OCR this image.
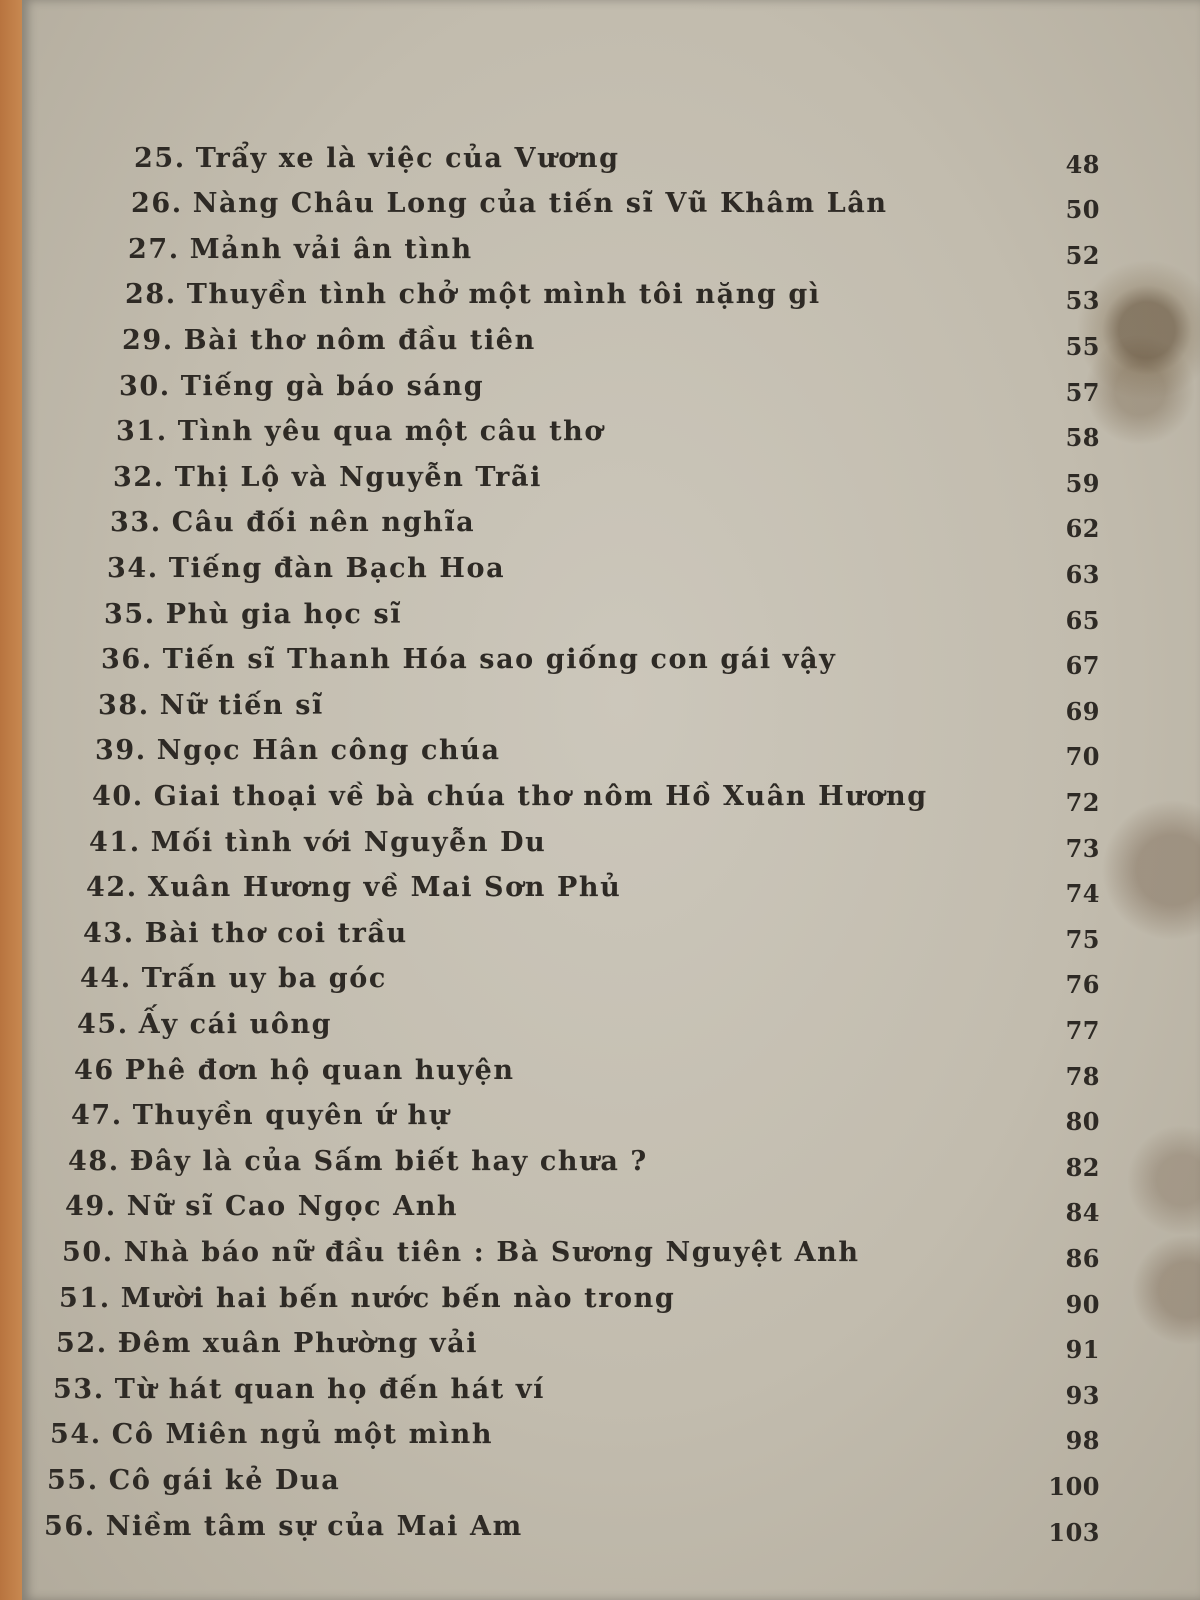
25. Trẩy xe là việc của Vương	48
26. Nàng Châu Long của tiến sĩ Vũ Khâm Lân	50
27. Mảnh vải ân tình	52
28. Thuyền tình chở một mình tôi nặng gì	53
29. Bài thơ nôm đầu tiên	55
30. Tiếng gà báo sáng	57
31. Tình yêu qua một câu thơ	58
32. Thị Lộ và Nguyễn Trãi	59
33. Câu đối nên nghĩa	62
34. Tiếng đàn Bạch Hoa	63
35. Phù gia học sĩ	65
36. Tiến sĩ Thanh Hóa sao giống con gái vậy	67
38. Nữ tiến sĩ	69
39. Ngọc Hân công chúa	70
40. Giai thoại về bà chúa thơ nôm Hồ Xuân Hương	72
41. Mối tình với Nguyễn Du	73
42. Xuân Hương về Mai Sơn Phủ	74
43. Bài thơ coi trầu	75
44. Trấn uy ba góc	76
45. Ấy cái uông	77
46 Phê đơn hộ quan huyện	78
47. Thuyền quyên ứ hự	80
48. Đây là của Sấm biết hay chưa ?	82
49. Nữ sĩ Cao Ngọc Anh	84
50. Nhà báo nữ đầu tiên : Bà Sương Nguyệt Anh	86
51. Mười hai bến nước bến nào trong	90
52. Đêm xuân Phường vải	91
53. Từ hát quan họ đến hát ví	93
54. Cô Miên ngủ một mình	98
55. Cô gái kẻ Dua	100
56. Niềm tâm sự của Mai Am	103
